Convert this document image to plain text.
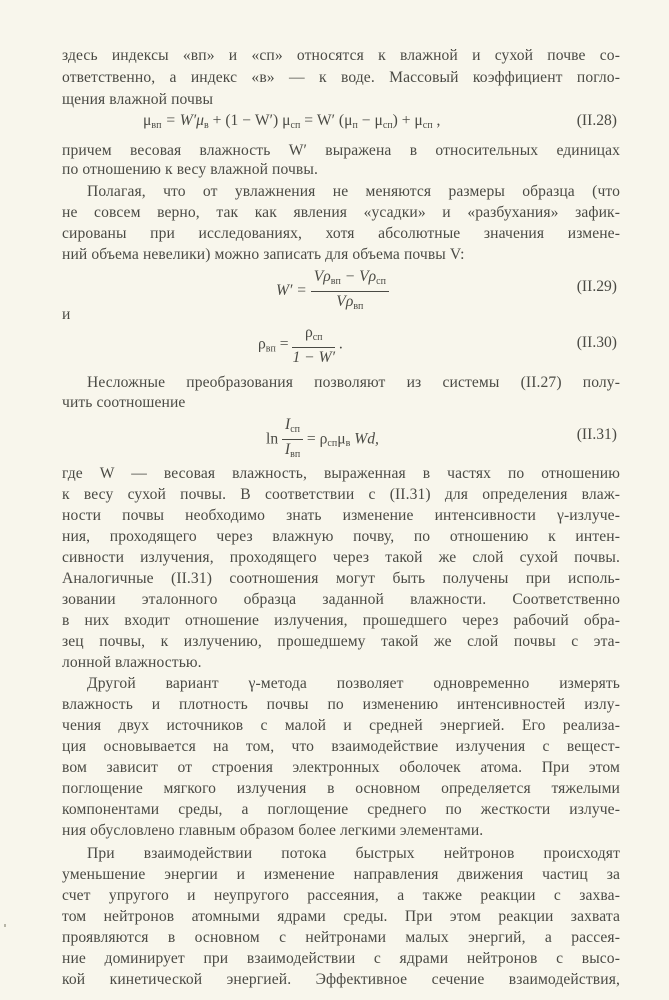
здесь индексы «вп» и «сп» относятся к влажной и сухой почве со-
ответственно, а индекс «в» — к воде. Массовый коэффициент погло-
щения влажной почвы
$\mu_{вп} = W'\mu_в + (1 - W') \mu_{сп} = W'$ $(\mu_п - \mu_{сп}) + \mu_{сп}$ ,	(II.28)
причем весовая влажность W′ выражена в относительных единицах
по отношению к весу влажной почвы.
Полагая, что от увлажнения не меняются размеры образца (что
не совсем верно, так как явления «усадки» и «разбухания» зафик-
сированы при исследованиях, хотя абсолютные значения измене-
ний объема невелики) можно записать для объема почвы V:
$W' = \frac{V\rho_{вп} - V\rho_{сп}}{V\rho_{вп}}$	(II.29)
и
$\rho_{вп} = \frac{\rho_{сп}}{1 - W'}$ .	(II.30)
Несложные преобразования позволяют из системы (II.27) полу-
чить соотношение
$\ln \frac{I_{сп}}{I_{вп}} = \rho_{сп}\mu_в$ Wd,	(II.31)
где W — весовая влажность, выраженная в частях по отношению
к весу сухой почвы. В соответствии с (II.31) для определения влаж-
ности почвы необходимо знать изменение интенсивности γ-излуче-
ния, проходящего через влажную почву, по отношению к интен-
сивности излучения, проходящего через такой же слой сухой почвы.
Аналогичные (II.31) соотношения могут быть получены при исполь-
зовании эталонного образца заданной влажности. Соответственно
в них входит отношение излучения, прошедшего через рабочий обра-
зец почвы, к излучению, прошедшему такой же слой почвы с эта-
лонной влажностью.
Другой вариант γ-метода позволяет одновременно измерять
влажность и плотность почвы по изменению интенсивностей излу-
чения двух источников с малой и средней энергией. Его реализа-
ция основывается на том, что взаимодействие излучения с вещест-
вом зависит от строения электронных оболочек атома. При этом
поглощение мягкого излучения в основном определяется тяжелыми
компонентами среды, а поглощение среднего по жесткости излуче-
ния обусловлено главным образом более легкими элементами.
При взаимодействии потока быстрых нейтронов происходят
уменьшение энергии и изменение направления движения частиц за
счет упругого и неупругого рассеяния, а также реакции с захва-
том нейтронов атомными ядрами среды. При этом реакции захвата
проявляются в основном с нейтронами малых энергий, а рассея-
ние доминирует при взаимодействии с ядрами нейтронов с высо-
кой кинетической энергией. Эффективное сечение взаимодействия,
